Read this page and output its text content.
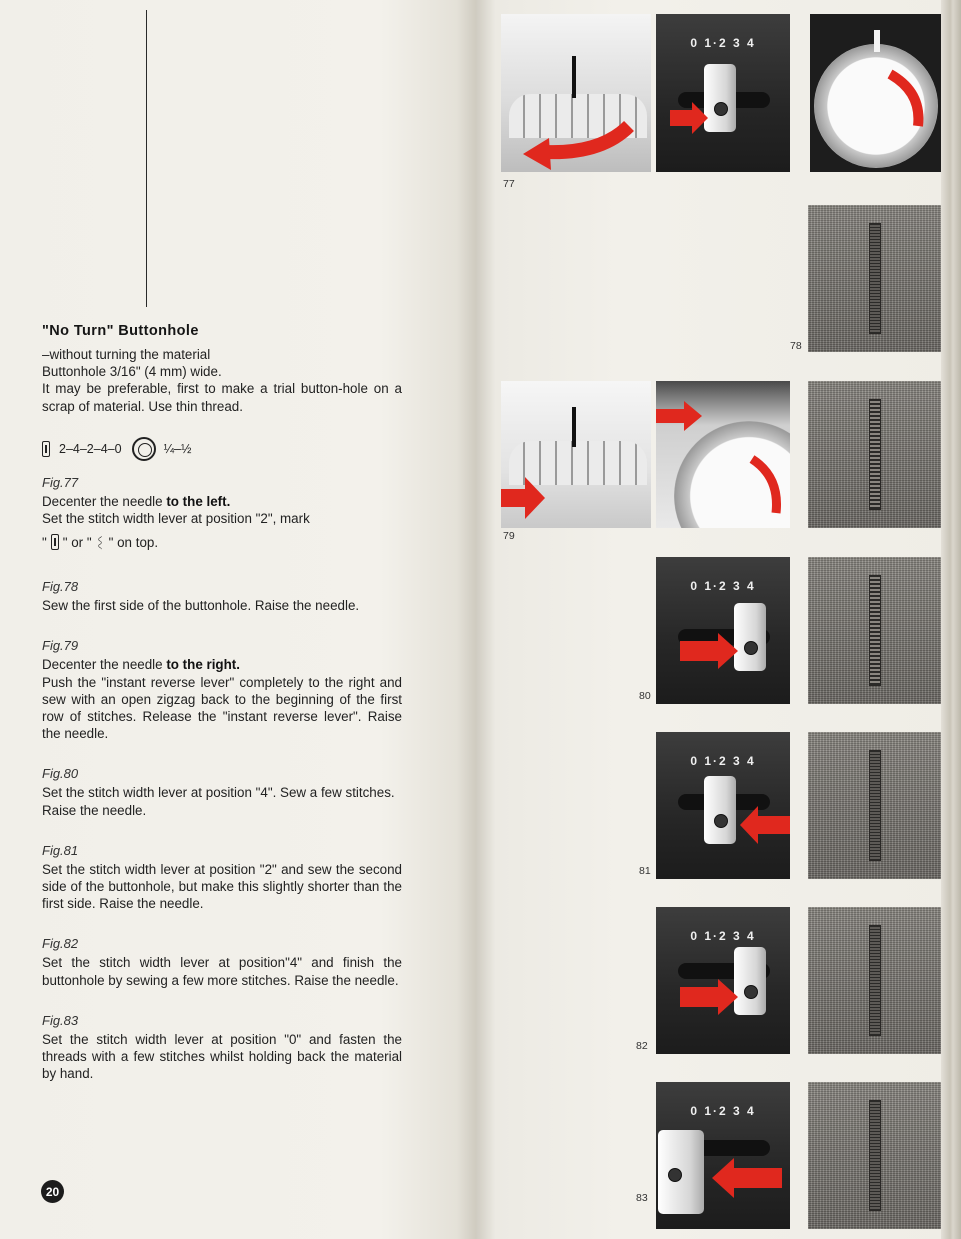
"No Turn" Buttonhole
–without turning the material
Buttonhole 3/16" (4 mm) wide.
It may be preferable, first to make a trial button-hole on a scrap of material. Use thin thread.
2–4–2–4–0	¼–½
Fig.77
Decenter the needle to the left.
Set the stitch width lever at position "2", mark
" " or " 〰 " on top.
Fig.78
Sew the first side of the buttonhole. Raise the needle.
Fig.79
Decenter the needle to the right.
Push the "instant reverse lever" completely to the right and sew with an open zigzag back to the beginning of the first row of stitches. Release the "instant reverse lever". Raise the needle.
Fig.80
Set the stitch width lever at position "4". Sew a few stitches. Raise the needle.
Fig.81
Set the stitch width lever at position "2" and sew the second side of the buttonhole, but make this slightly shorter than the first side. Raise the needle.
Fig.82
Set the stitch width lever at position"4" and finish the buttonhole by sewing a few more stitches. Raise the needle.
Fig.83
Set the stitch width lever at position "0" and fasten the threads with a few stitches whilst holding back the material by hand.
20
0 1·2 3 4
77
78
79
0 1·2 3 4
80
0 1·2 3 4
81
0 1·2 3 4
82
0 1·2 3 4
83
